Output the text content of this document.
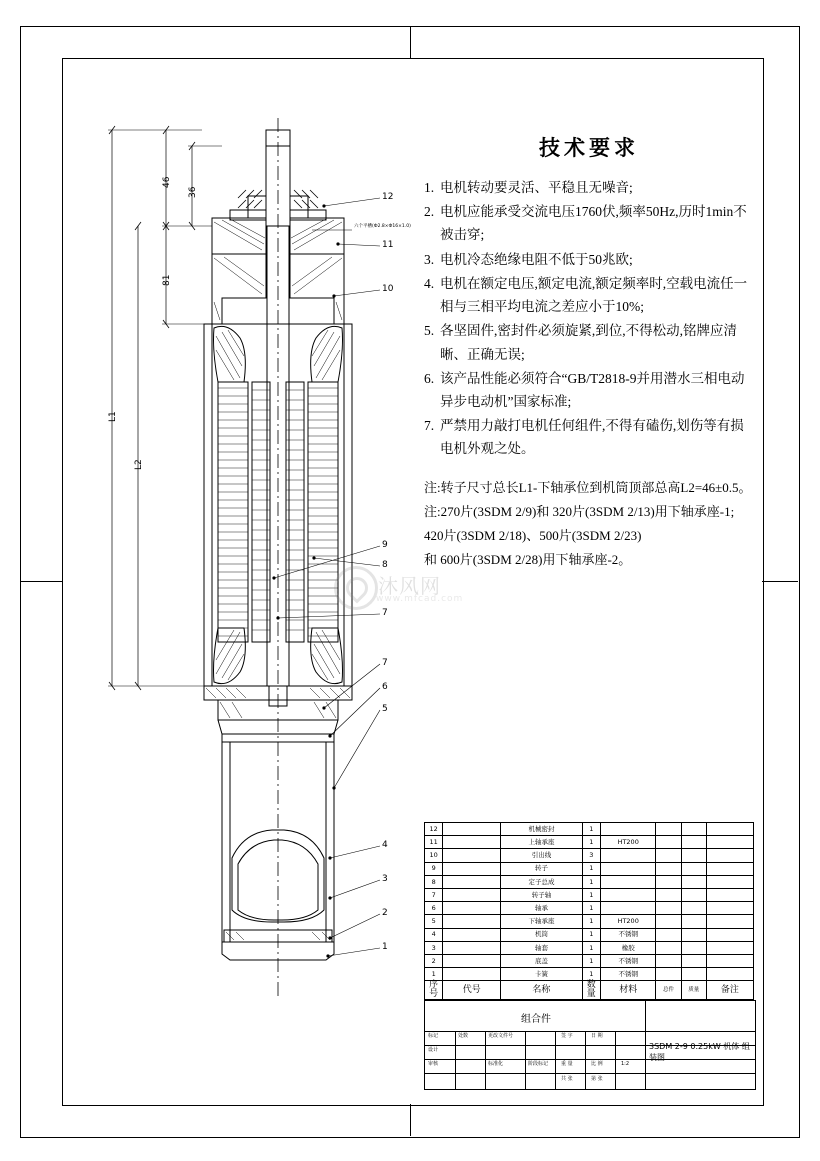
46
36
81
L2
L1
六个平槽(Ф2.8×Ф16×1.0)
12
11
10
9
8
7
7
6
5
4
3
2
1
技术要求
1. 电机转动要灵活、平稳且无噪音;
2. 电机应能承受交流电压1760伏,频率50Hz,历时1min不被击穿;
3. 电机冷态绝缘电阻不低于50兆欧;
4. 电机在额定电压,额定电流,额定频率时,空载电流任一相与三相平均电流之差应小于10%;
5. 各坚固件,密封件必须旋紧,到位,不得松动,铭牌应清晰、正确无误;
6. 该产品性能必须符合“GB/T2818-9并用潜水三相电动异步电动机”国家标准;
7. 严禁用力敲打电机任何组件,不得有磕伤,划伤等有损电机外观之处。

注:转子尺寸总长L1-下轴承位到机筒顶部总高L2=46±0.5。

注:270片(3SDM 2/9)和 320片(3SDM 2/13)用下轴承座-1;

420片(3SDM 2/18)、500片(3SDM 2/23)

和 600片(3SDM 2/28)用下轴承座-2。

沐风网
www.mfcad.com
12		机械密封	1				
11		上轴承座	1	HT200			
10		引出线	3				
9		转子	1				
8		定子总成	1				
7		转子轴	1				
6		轴承	1				
5		下轴承座	1	HT200			
4		机筒	1	不锈钢			
3		轴套	1	橡胶			
2		底盖	1	不锈钢			
1		卡簧	1	不锈钢			
序号	代号	名称	数量	材料	总件	质量	备注
组合件
3SDM 2-9 0.25kW 机体 组装图
标记	处数	更改文件号	签 字	日 期
设计
审核	标准化	阶段标记	重 量	比 例	1:2
共 张	第 张
